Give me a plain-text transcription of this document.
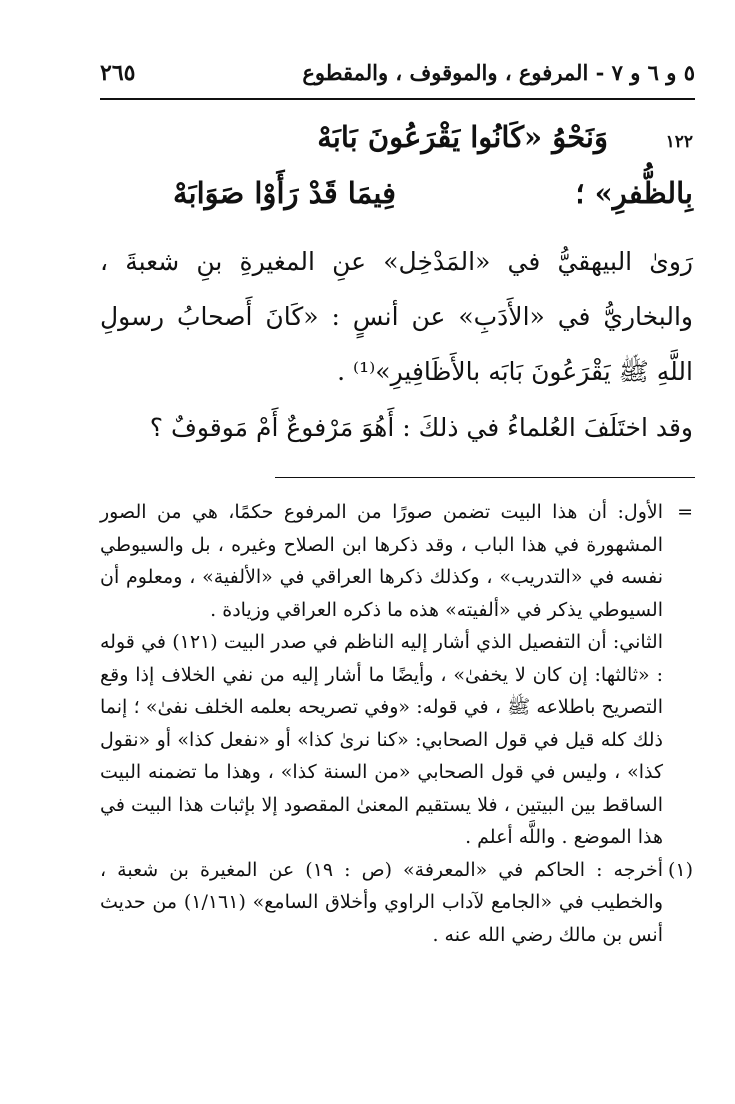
٥ و ٦ و ٧ - المرفوع ، والموقوف ، والمقطوع
٢٦٥
١٢٢
وَنَحْوُ «كَانُوا يَقْرَعُونَ بَابَهْ
بِالظُّفرِ» ؛
فِيمَا قَدْ رَأَوْا صَوَابَهْ
رَوىٰ البيهقيُّ في «المَدْخِل» عنِ المغيرةِ بنِ شعبةَ ، والبخاريُّ في «الأَدَبِ» عن أنسٍ : «كَانَ أَصحابُ رسولِ اللَّهِ ﷺ يَقْرَعُونَ بَابَه بالأَظَافِيرِ»⁽¹⁾ .
وقد اختَلَفَ العُلماءُ في ذلكَ : أَهُوَ مَرْفوعٌ أَمْ مَوقوفٌ ؟

=
الأول: أن هذا البيت تضمن صورًا من المرفوع حكمًا، هي من الصور المشهورة في هذا الباب ، وقد ذكرها ابن الصلاح وغيره ، بل والسيوطي نفسه في «التدريب» ، وكذلك ذكرها العراقي في «الألفية» ، ومعلوم أن السيوطي يذكر في «ألفيته» هذه ما ذكره العراقي وزيادة .

الثاني: أن التفصيل الذي أشار إليه الناظم في صدر البيت (١٢١) في قوله : «ثالثها: إن كان لا يخفىٰ» ، وأيضًا ما أشار إليه من نفي الخلاف إذا وقع التصريح باطلاعه ﷺ ، في قوله: «وفي تصريحه بعلمه الخلف نفىٰ» ؛ إنما ذلك كله قيل في قول الصحابي: «كنا نرىٰ كذا» أو «نفعل كذا» أو «نقول كذا» ، وليس في قول الصحابي «من السنة كذا» ، وهذا ما تضمنه البيت الساقط بين البيتين ، فلا يستقيم المعنىٰ المقصود إلا بإثبات هذا البيت في هذا الموضع . واللَّه أعلم .

(١)
أخرجه : الحاكم في «المعرفة» (ص : ١٩) عن المغيرة بن شعبة ، والخطيب في «الجامع لآداب الراوي وأخلاق السامع» (١/١٦١) من حديث أنس بن مالك رضي الله عنه .
